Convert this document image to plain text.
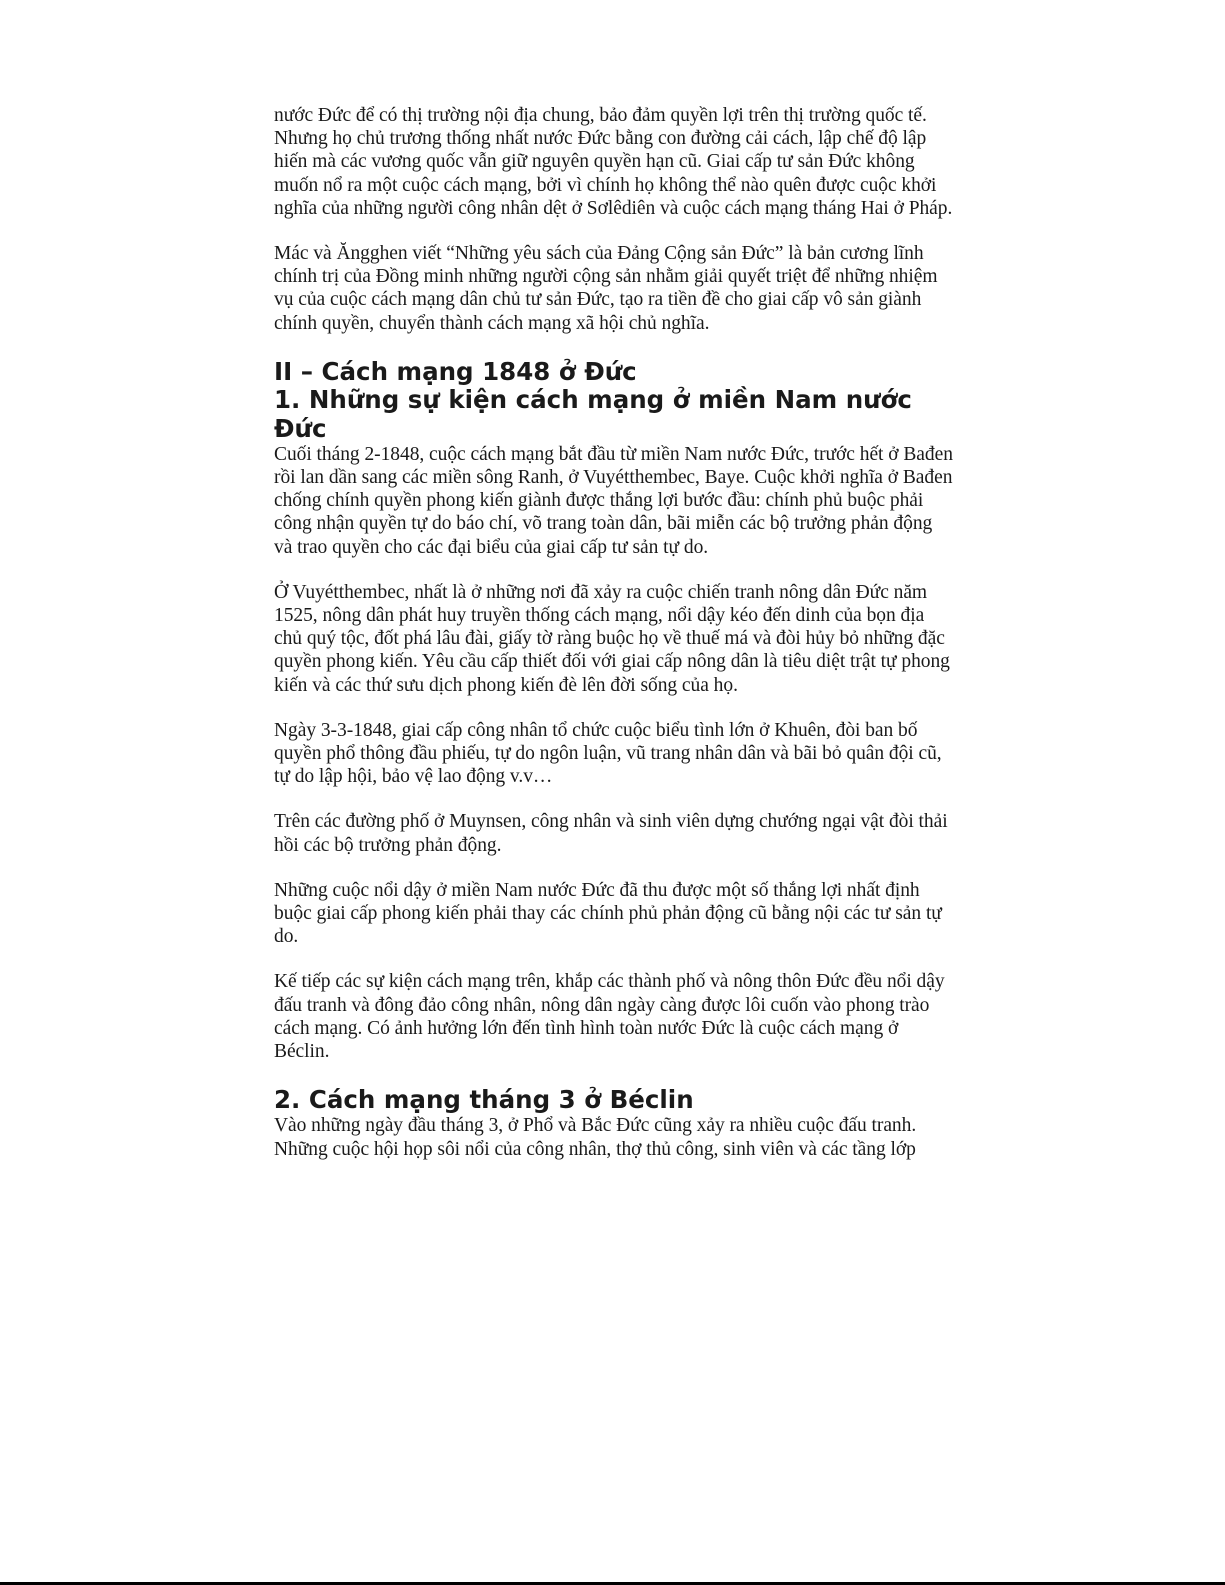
nước Đức để có thị trường nội địa chung, bảo đảm quyền lợi trên thị trường quốc tế. Nhưng họ chủ trương thống nhất nước Đức bằng con đường cải cách, lập chế độ lập hiến mà các vương quốc vẫn giữ nguyên quyền hạn cũ. Giai cấp tư sản Đức không muốn nổ ra một cuộc cách mạng, bởi vì chính họ không thể nào quên được cuộc khởi nghĩa của những người công nhân dệt ở Sơlêdiên và cuộc cách mạng tháng Hai ở Pháp.

Mác và Ăngghen viết “Những yêu sách của Đảng Cộng sản Đức” là bản cương lĩnh chính trị của Đồng minh những người cộng sản nhằm giải quyết triệt để những nhiệm vụ của cuộc cách mạng dân chủ tư sản Đức, tạo ra tiền đề cho giai cấp vô sản giành chính quyền, chuyển thành cách mạng xã hội chủ nghĩa.

II – Cách mạng 1848 ở Đức
1. Những sự kiện cách mạng ở miền Nam nước Đức

Cuối tháng 2-1848, cuộc cách mạng bắt đầu từ miền Nam nước Đức, trước hết ở Bađen rồi lan dần sang các miền sông Ranh, ở Vuyétthembec, Baye. Cuộc khởi nghĩa ở Bađen chống chính quyền phong kiến giành được thắng lợi bước đầu: chính phủ buộc phải công nhận quyền tự do báo chí, võ trang toàn dân, bãi miễn các bộ trưởng phản động và trao quyền cho các đại biểu của giai cấp tư sản tự do.

Ở Vuyétthembec, nhất là ở những nơi đã xảy ra cuộc chiến tranh nông dân Đức năm 1525, nông dân phát huy truyền thống cách mạng, nổi dậy kéo đến dinh của bọn địa chủ quý tộc, đốt phá lâu đài, giấy tờ ràng buộc họ về thuế má và đòi hủy bỏ những đặc quyền phong kiến. Yêu cầu cấp thiết đối với giai cấp nông dân là tiêu diệt trật tự phong kiến và các thứ sưu dịch phong kiến đè lên đời sống của họ.

Ngày 3-3-1848, giai cấp công nhân tổ chức cuộc biểu tình lớn ở Khuên, đòi ban bố quyền phổ thông đầu phiếu, tự do ngôn luận, vũ trang nhân dân và bãi bỏ quân đội cũ, tự do lập hội, bảo vệ lao động v.v…

Trên các đường phố ở Muynsen, công nhân và sinh viên dựng chướng ngại vật đòi thải hồi các bộ trưởng phản động.

Những cuộc nổi dậy ở miền Nam nước Đức đã thu được một số thắng lợi nhất định buộc giai cấp phong kiến phải thay các chính phủ phản động cũ bằng nội các tư sản tự do.

Kế tiếp các sự kiện cách mạng trên, khắp các thành phố và nông thôn Đức đều nổi dậy đấu tranh và đông đảo công nhân, nông dân ngày càng được lôi cuốn vào phong trào cách mạng. Có ảnh hưởng lớn đến tình hình toàn nước Đức là cuộc cách mạng ở Béclin.

2. Cách mạng tháng 3 ở Béclin

Vào những ngày đầu tháng 3, ở Phổ và Bắc Đức cũng xảy ra nhiều cuộc đấu tranh. Những cuộc hội họp sôi nổi của công nhân, thợ thủ công, sinh viên và các tầng lớp
